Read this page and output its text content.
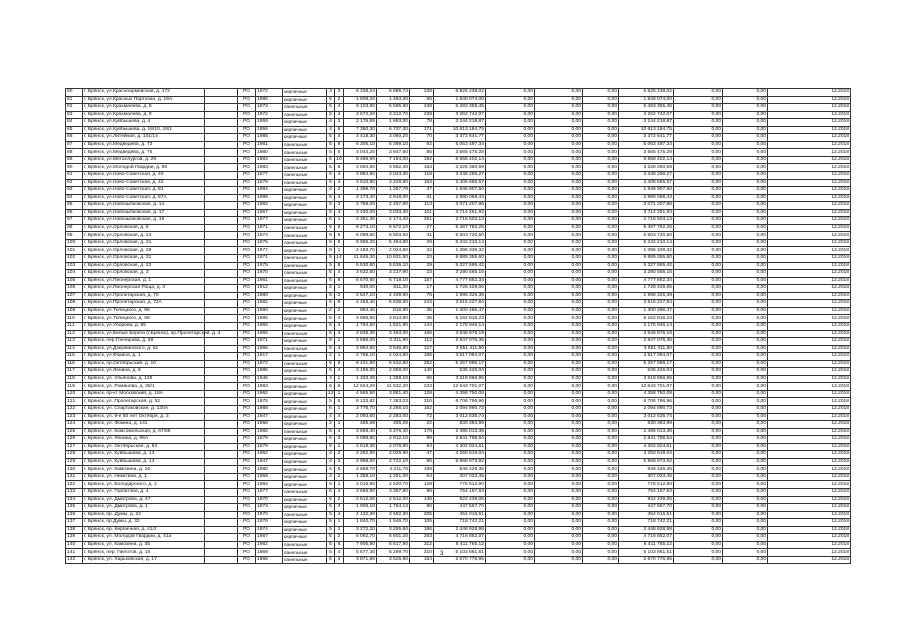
80	г. Брянск, ул.Красноармейская, д. 172		РО	1972	кирпичные	3	3	6 338,24	5 885,74	238	6 825 238,02	0,00	0,00	0,00	6 825 238,02	0,00	0,00	12.2018
81	г. Брянск, ул.Красных Партизан, д. 19А		РО	1985	кирпичные	5	2	1 809,20	1 494,30	66	1 848 074,00	0,00	0,00	0,00	1 848 074,00	0,00	0,00	12.2018
82	г. Брянск, ул.Крахмалева, д. 5		РО	1972	панельные	5	4	6 103,90	5 585,90	248	5 483 355,45	0,00	0,00	0,00	5 483 355,45	0,00	0,00	12.2018
83	г. Брянск, ул.Крахмалева, д. 9		РО	1972	панельные	5	4	3 672,20	3 312,70	239	3 262 742,07	0,00	0,00	0,00	3 262 742,07	0,00	0,00	12.2018
84	г. Брянск, ул.Куйбышева, д. 4		РО	1959	кирпичные	4	3	2 176,89	1 983,30	78	3 244 218,87	0,00	0,00	0,00	3 244 218,87	0,00	0,00	12.2018
85	г. Брянск, ул.Куйбышева, д. 16/10, 18/1		РО	1959	кирпичные	4	6	7 360,30	6 737,30	171	10 613 184,75	0,00	0,00	0,00	10 613 184,75	0,00	0,00	12.2018
86	г. Брянск, ул.Литейная, д. 101/14		РО	1985	кирпичные	5	4	3 418,30	3 060,20	70	3 372 641,77	0,00	0,00	0,00	3 372 641,77	0,00	0,00	12.2018
87	г. Брянск, ул.Медведева, д. 73		РО	1981	панельные	5	8	6 305,10	5 399,10	92	5 063 497,34	0,00	0,00	0,00	5 063 497,34	0,00	0,00	12.2018
88	г. Брянск, ул.Медведева, д. 75		РО	1980	панельные	5	6	4 044,20	3 647,60	85	3 565 475,28	0,00	0,00	0,00	3 565 475,28	0,00	0,00	12.2018
89	г. Брянск, ул.Металлургов, д. 29		РО	1984	панельные	5	10	8 466,90	7 184,00	192	6 658 402,14	0,00	0,00	0,00	6 658 402,14	0,00	0,00	12.2018
90	г. Брянск, ул.Молодой Гвардии, д. 80		РО	1983	панельные	5	6	3 694,80	3 562,40	153	3 226 360,69	0,00	0,00	0,00	3 226 360,69	0,00	0,00	12.2018
91	г. Брянск, ул.Ново-Советская, д. 40		РО	1977	панельные	5	4	3 884,90	3 043,30	118	3 348 256,27	0,00	0,00	0,00	3 348 256,27	0,00	0,00	12.2018
92	г. Брянск, ул.Ново-Советская, д. 42		РО	1978	панельные	5	4	3 610,80	3 229,80	163	3 405 665,57	0,00	0,00	0,00	3 405 665,57	0,00	0,00	12.2018
93	г. Брянск, ул.Ново-Советская, д. 81		РО	1984	кирпичные	4	2	1 399,70	1 257,78	37	1 946 907,50	0,00	0,00	0,00	1 946 907,50	0,00	0,00	12.2018
94	г. Брянск, ул.Ново-Советская, д. 87А		РО	1989	кирпичные	5	4	3 173,40	2 918,00	31	2 890 068,43	0,00	0,00	0,00	2 890 068,43	0,00	0,00	12.2018
95	г. Брянск, ул.Новозыбковская, д. 14		РО	1962	кирпичные	5	3	2 758,00	2 457,80	113	3 071 207,86	0,00	0,00	0,00	3 071 207,86	0,00	0,00	12.2018
96	г. Брянск, ул.Новозыбковская, д. 17		РО	1967	кирпичные	5	4	3 420,00	3 033,40	101	3 714 261,93	0,00	0,00	0,00	3 714 261,93	0,00	0,00	12.2018
97	г. Брянск, ул.Новозыбковская, д. 19		РО	1977	кирпичные	5	1	2 361,30	2 174,40	261	2 716 503,13	0,00	0,00	0,00	2 716 503,13	0,00	0,00	12.2018
98	г. Брянск, ул.Орловская, д. 5		РО	1971	панельные	5	6	6 273,10	5 672,10	27	5 467 782,25	0,00	0,00	0,00	5 467 782,25	0,00	0,00	12.2018
99	г. Брянск, ул.Орловская, д. 13		РО	1974	панельные	5	6	6 099,50	5 603,50	41	5 603 720,50	0,00	0,00	0,00	5 603 720,50	0,00	0,00	12.2018
100	г. Брянск, ул.Орловская, д. 21		РО	1975	панельные	5	8	5 985,20	5 464,80	29	5 342 210,14	0,00	0,00	0,00	5 342 210,14	0,00	0,00	12.2018
101	г. Брянск, ул.Орловская, д. 29		РО	1977	кирпичные	9	1	2 193,70	2 024,80	32	1 396 339,32	0,00	0,00	0,00	1 396 339,32	0,00	0,00	12.2018
102	г. Брянск, ул.Орловская, д. 31		РО	1971	панельные	5	14	11 645,30	10 631,60	23	9 889 355,60	0,00	0,00	0,00	9 889 355,60	0,00	0,00	12.2018
103	г. Брянск, ул.Орловская, д. 23		РО	1975	панельные	5	8	6 530,80	5 636,10	29	5 327 595,42	0,00	0,00	0,00	5 327 595,42	0,00	0,00	12.2018
104	г. Брянск, ул.Орловская, д. 3		РО	1970	панельные	5	4	3 632,50	3 217,90	23	3 290 565,16	0,00	0,00	0,00	3 290 565,16	0,00	0,00	12.2018
105	г. Брянск, ул.Пионерская, д. 1		РО	1961	панельные	5	6	6 670,60	5 718,10	167	4 777 862,34	0,00	0,00	0,00	4 777 862,34	0,00	0,00	12.2018
106	г. Брянск, ул.Пионерская Роща, д. 3		РО	1912	кирпичные	2	1	940,00	811,30	17	1 728 429,06	0,00	0,00	0,00	1 728 429,06	0,00	0,00	12.2018
107	г. Брянск, ул.Пролетарская, д. 70		РО	1980	кирпичные	5	2	2 647,10	2 439,90	76	1 998 326,39	0,00	0,00	0,00	1 998 326,39	0,00	0,00	12.2018
108	г. Брянск, ул.Пролетарская, д. 72А		РО	1982	кирпичные	5	8	4 453,40	5 639,60	243	3 515 227,84	0,00	0,00	0,00	3 515 227,84	0,00	0,00	12.2018
109	г. Брянск, ул.Телецкого, д. 86		РО	1960	кирпичные	2	2	964,40	816,90	35	1 300 486,47	0,00	0,00	0,00	1 300 486,47	0,00	0,00	12.2018
110	г. Брянск, ул.Телецкого, д. 88		РО	1985	кирпичные	5	4	3 966,60	3 814,80	36	5 162 816,23	0,00	0,00	0,00	5 162 816,23	0,00	0,00	12.2018
111	г. Брянск, ул.Уборева, д. 85		РО	1966	кирпичные	5	4	1 794,50	1 621,90	144	2 176 946,14	0,00	0,00	0,00	2 176 946,14	0,00	0,00	12.2018
112	г. Брянск, ул.Белые Берега (г.Брянск), пр.Пролетарский, д. 4		РО	1966	панельные	5	4	3 836,30	3 463,00	166	3 546 876,18	0,00	0,00	0,00	3 546 876,18	0,00	0,00	12.2018
113	г. Брянск, пер.Гончарова, д. 68		РО	1971	кирпичные	9	1	2 566,00	2 311,90	112	2 847 076,35	0,00	0,00	0,00	2 847 076,35	0,00	0,00	12.2018
114	г. Брянск, ул.Дзержинского, д. 61		РО	1966	панельные	5	4	3 864,80	3 546,80	127	3 651 411,80	0,00	0,00	0,00	3 651 411,80	0,00	0,00	12.2018
115	г. Брянск, ул.Фокина, д. 1		РО	1917	кирпичные	2	1	2 765,10	2 024,80	186	3 517 094,07	0,00	0,00	0,00	3 517 094,07	0,00	0,00	12.2018
116	г. Брянск, пр.Октябрьский, д. 10		РО	1972	панельные	5	8	6 431,80	5 532,80	252	5 257 986,17	0,00	0,00	0,00	5 257 986,17	0,00	0,00	12.2018
117	г. Брянск, ул.Ленина, д. 6		РО	1986	кирпичные	5	4	3 196,00	2 859,00	140	535 426,04	0,00	0,00	0,00	535 426,04	0,00	0,00	12.2018
118	г. Брянск, ул. Ульянова, д. 126		РО	1946	кирпичные	4	1	1 333,30	1 259,10	66	3 519 866,95	0,00	0,00	0,00	3 519 866,95	0,00	0,00	12.2018
119	г. Брянск, ул. Романова, д. 38/1		РО	1983	кирпичные	5	6	12 624,20	11 532,20	243	12 643 701,07	0,00	0,00	0,00	12 643 701,07	0,00	0,00	12.2018
120	г. Брянск, пр-кт Московский, д. 18А		РО	1962	кирпичные	12	1	4 585,90	3 881,40	128	4 358 750,08	0,00	0,00	0,00	4 358 750,08	0,00	0,00	12.2018
121	г. Брянск, ул. Пролетарская, д. 52		РО	1975	кирпичные	5	6	8 133,82	7 383,03	310	6 706 796,96	0,00	0,00	0,00	6 706 796,96	0,00	0,00	12.2018
122	г. Брянск, ул. Спартаковская, д. 120А		РО	1988	кирпичные	6	1	3 776,70	3 268,10	162	2 094 890,73	0,00	0,00	0,00	2 094 890,73	0,00	0,00	12.2018
123	г. Брянск, ул. 9-е 50 лет Октября, д. 3		РО	1947	кирпичные	4	4	2 093,60	2 283,00	72	3 012 535,74	0,00	0,00	0,00	3 012 535,74	0,00	0,00	12.2018
124	г. Брянск, ул. Фокина, д. 141		РО	1958	кирпичные	2	1	485,69	455,29	22	830 383,99	0,00	0,00	0,00	830 383,99	0,00	0,00	12.2018
125	г. Брянск, ул. Комсомольская, д. 67/68		РО	1965	панельные	5	4	3 659,40	3 376,40	178	2 495 013,38	0,00	0,00	0,00	2 495 013,38	0,00	0,00	12.2018
126	г. Брянск, ул. Ленина, д. 96А		РО	1979	кирпичные	5	3	3 098,80	2 812,10	99	2 841 798,64	0,00	0,00	0,00	2 841 798,64	0,00	0,00	12.2018
127	г. Брянск, ул. Октябрьская, д. 93		РО	1979	кирпичные	9	1	2 519,30	2 078,90	93	4 302 924,61	0,00	0,00	0,00	4 302 924,61	0,00	0,00	12.2018
128	г. Брянск, ул. Куйбышева, д. 13		РО	1962	кирпичные	4	2	2 262,90	2 029,90	47	4 250 619,04	0,00	0,00	0,00	4 250 619,04	0,00	0,00	12.2018
129	г. Брянск, ул. Куйбышева, д. 14		РО	1947	кирпичные	4	3	2 998,00	2 722,10	85	5 868 973,92	0,00	0,00	0,00	5 868 973,92	0,00	0,00	12.2018
130	г. Брянск, ул. Камозина, д. 16		РО	1980	кирпичные	6	5	4 668,70	4 211,78	199	946 426,35	0,00	0,00	0,00	946 426,35	0,00	0,00	12.2018
131	г. Брянск, ул. Никитина, д. 1		РО	1959	кирпичные	4	2	1 358,10	1 261,00	64	307 023,45	0,00	0,00	0,00	307 023,45	0,00	0,00	12.2018
132	г. Брянск, ул. Володарского, д. 2		РО	1984	кирпичные	5	1	2 015,90	2 530,70	128	776 512,90	0,00	0,00	0,00	776 512,90	0,00	0,00	12.2018
133	г. Брянск, ул. Горбатова, д. 4		РО	1977	панельные	5	4	3 666,90	3 357,90	96	754 157,53	0,00	0,00	0,00	754 157,53	0,00	0,00	12.2018
134	г. Брянск, ул. Дмитрова, д. 47		РО	1970	кирпичные	5	2	2 612,00	2 512,00	136	922 239,05	0,00	0,00	0,00	922 239,05	0,00	0,00	12.2018
135	г. Брянск, ул. Дмитрова, д. 1		РО	1973	кирпичные	5	3	1 906,10	1 754,13	86	447 567,70	0,00	0,00	0,00	447 567,70	0,00	0,00	12.2018
136	г. Брянск, пр. Думы, д. 22		РО	1970	панельные	5	4	4 132,30	3 682,30	205	454 016,51	0,00	0,00	0,00	454 016,51	0,00	0,00	12.2018
137	г. Брянск, пр.Думы, д. 32		РО	1976	кирпичные	5	1	1 840,70	1 546,70	105	718 742,21	0,00	0,00	0,00	718 742,21	0,00	0,00	12.2018
138	г. Брянск, пр. Кирпичная, д. 41/2		РО	1974	кирпичные	5	1	3 272,20	3 255,60	186	2 448 928,98	0,00	0,00	0,00	2 448 928,98	0,00	0,00	12.2018
139	г. Брянск, ул. Молодой Гвардии, д. 41а		РО	1967	кирпичные	5	2	6 092,70	5 601,20	253	4 716 852,07	0,00	0,00	0,00	4 716 852,07	0,00	0,00	12.2018
140	г. Брянск, ул. Камозина, д. 35		РО	1982	панельные	5	6	7 905,90	5 617,90	312	6 411 765,12	0,00	0,00	0,00	6 411 765,12	0,00	0,00	12.2018
141	г. Брянск, пер. Пилотов, д. 16		РО	1969	панельные	5	4	5 677,30	5 299,70	310	5 103 861,51	0,00	0,00	0,00	5 103 861,51	0,00	0,00	12.2018
142	г. Брянск, ул. Харьковская, д. 17		РО	1966	панельные	5	4	3 871,80	3 526,80	164	2 670 776,95	0,00	0,00	0,00	2 670 776,95	0,00	0,00	12.2018
3
